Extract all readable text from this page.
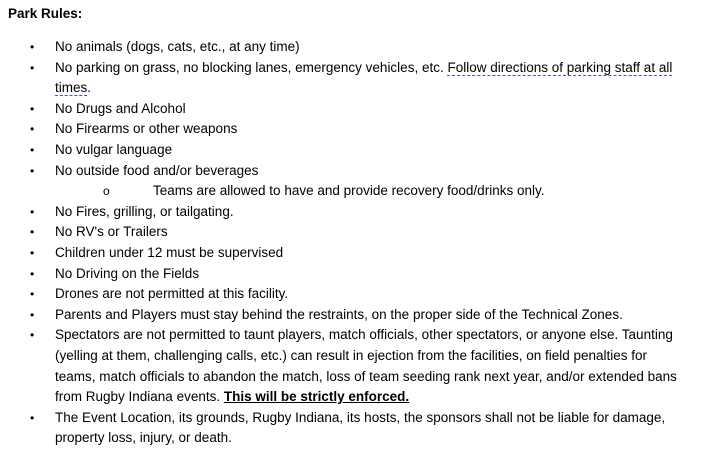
Park Rules:

•	No animals (dogs, cats, etc., at any time)
•	No parking on grass, no blocking lanes, emergency vehicles, etc. Follow directions of parking staff at all times.
•	No Drugs and Alcohol
•	No Firearms or other weapons
•	No vulgar language
•	No outside food and/or beverages
o	Teams are allowed to have and provide recovery food/drinks only.
•	No Fires, grilling, or tailgating.
•	No RV's or Trailers
•	Children under 12 must be supervised
•	No Driving on the Fields
•	Drones are not permitted at this facility.
•	Parents and Players must stay behind the restraints, on the proper side of the Technical Zones.
•	Spectators are not permitted to taunt players, match officials, other spectators, or anyone else. Taunting (yelling at them, challenging calls, etc.) can result in ejection from the facilities, on field penalties for teams, match officials to abandon the match, loss of team seeding rank next year, and/or extended bans from Rugby Indiana events. This will be strictly enforced.
•	The Event Location, its grounds, Rugby Indiana, its hosts, the sponsors shall not be liable for damage, property loss, injury, or death.
